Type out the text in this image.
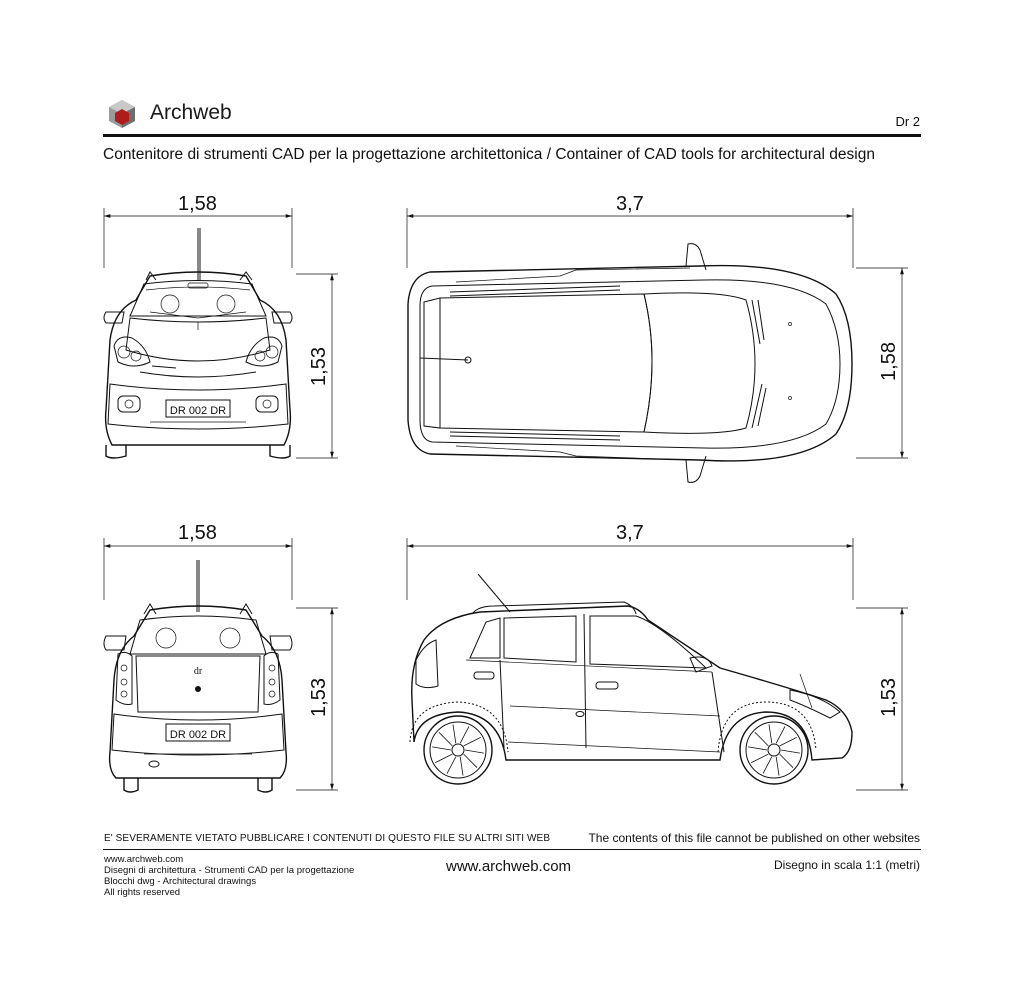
Archweb	Dr 2
Contenitore di strumenti CAD per la progettazione architettonica / Container of CAD tools for architectural design
DR 002 DR
dr
DR 002 DR
1,58
1,53
3,7
1,58
1,58
1,53
3,7
1,53
E' SEVERAMENTE VIETATO PUBBLICARE I CONTENUTI DI QUESTO FILE SU ALTRI SITI WEB	The contents of this file cannot be published on other websites
www.archweb.com
Disegni di architettura - Strumenti CAD per la progettazione
Blocchi dwg - Architectural drawings
All rights reserved
www.archweb.com	Disegno in scala 1:1 (metri)
